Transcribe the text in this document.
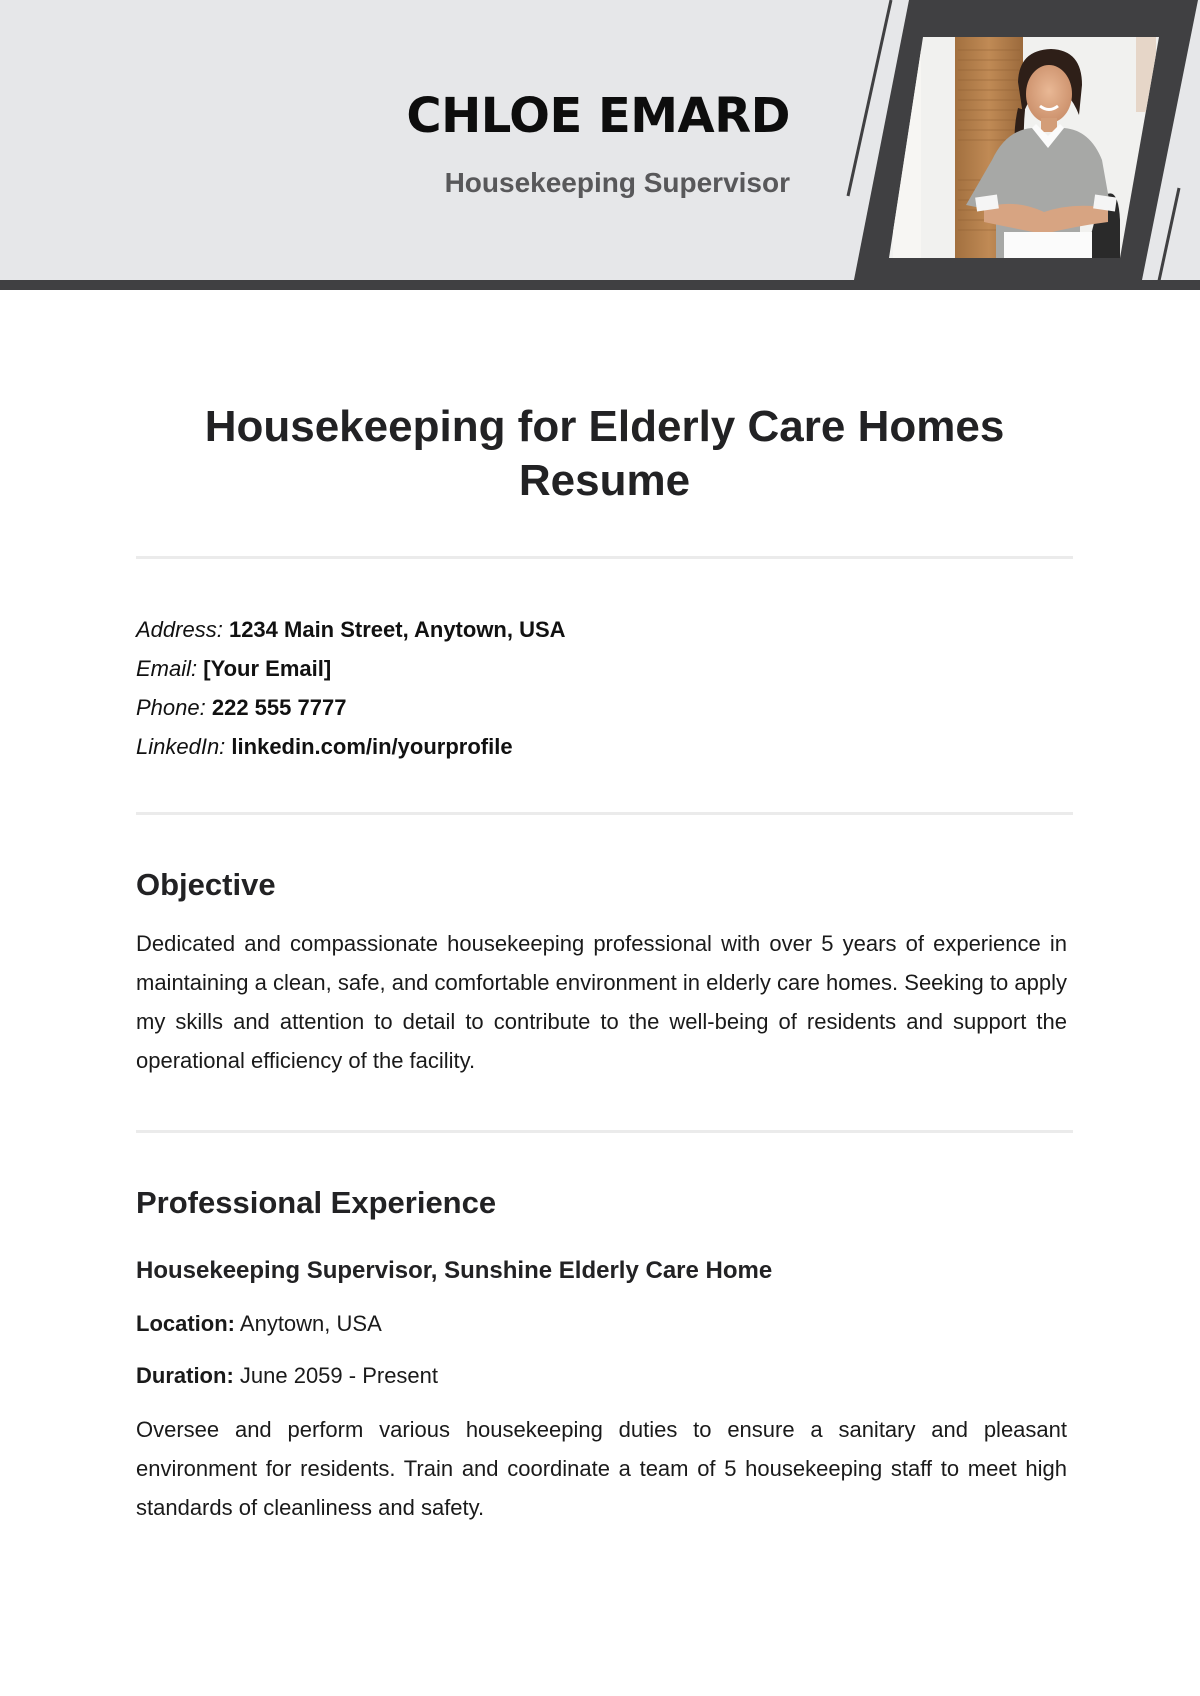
CHLOE EMARD
Housekeeping Supervisor
Housekeeping for Elderly Care Homes Resume
Address: 1234 Main Street, Anytown, USA
Email: [Your Email]
Phone: 222 555 7777
LinkedIn: linkedin.com/in/yourprofile
Objective

Dedicated and compassionate housekeeping professional with over 5 years of experience in maintaining a clean, safe, and comfortable environment in elderly care homes. Seeking to apply my skills and attention to detail to contribute to the well-being of residents and support the operational efficiency of the facility.

Professional Experience
Housekeeping Supervisor, Sunshine Elderly Care Home
Location: Anytown, USA
Duration: June 2059 - Present

Oversee and perform various housekeeping duties to ensure a sanitary and pleasant environment for residents. Train and coordinate a team of 5 housekeeping staff to meet high standards of cleanliness and safety.
